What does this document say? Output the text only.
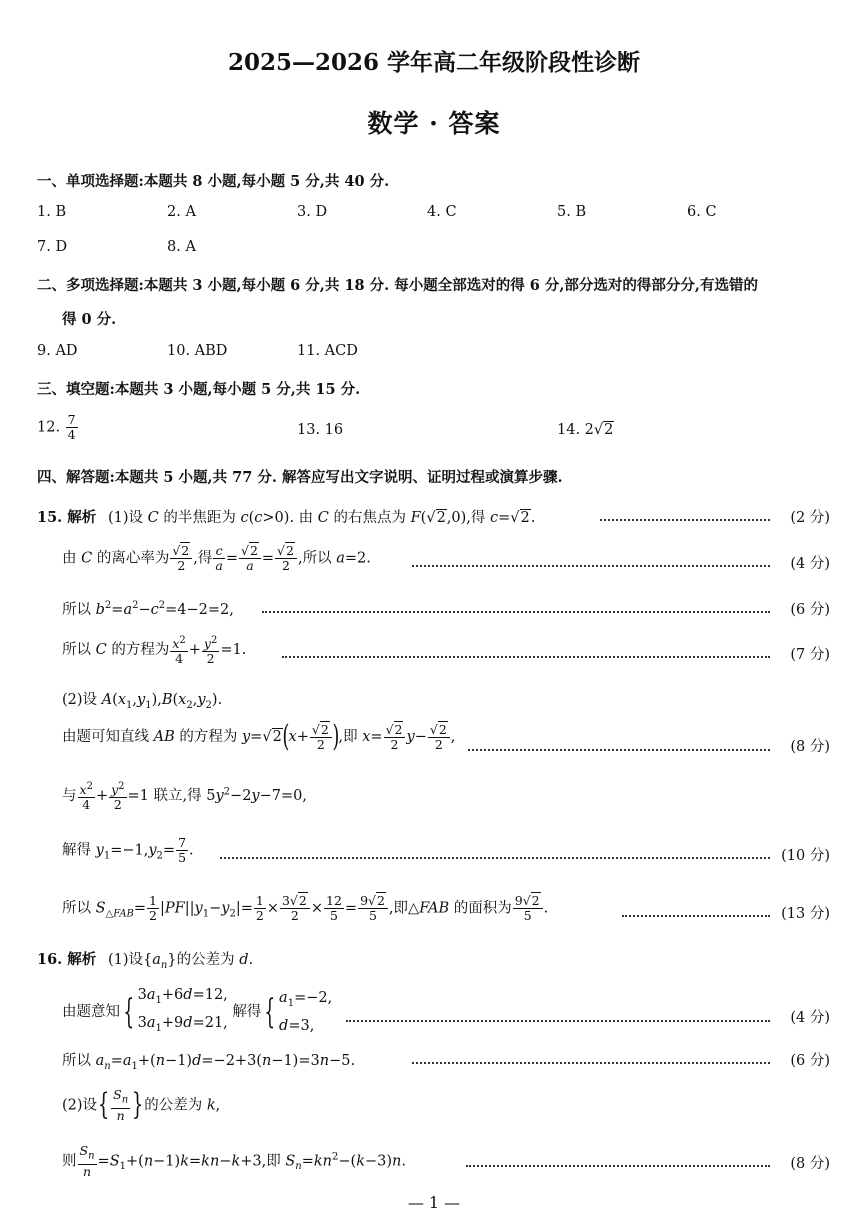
2025—2026 学年高二年级阶段性诊断
数学 · 答案
一、单项选择题:本题共 8 小题,每小题 5 分,共 40 分.
1. B	2. A	3. D	4. C	5. B	6. C
7. D	8. A
二、多项选择题:本题共 3 小题,每小题 6 分,共 18 分. 每小题全部选对的得 6 分,部分选对的得部分分,有选错的
得 0 分.
9. AD	10. ABD	11. ACD
三、填空题:本题共 3 小题,每小题 5 分,共 15 分.
12. $\frac{7}{4}$	13. 16	14. 2√2
四、解答题:本题共 5 小题,共 77 分. 解答应写出文字说明、证明过程或演算步骤.
15. 解析 (1)设 C 的半焦距为 c(c>0). 由 C 的右焦点为 F(√2,0),得 c=√2.	(2 分)
由 C 的离心率为 $\frac{√2}{2}$ ,得 $\frac{c}{a} = \frac{√2}{a} = \frac{√2}{2}$ ,所以 a=2.	(4 分)
所以 $b^2=a^2-c^2=4-2=2$,	(6 分)
所以 C 的方程为 $\frac{x^2}{4} + \frac{y^2}{2} =1$.	(7 分)
(2)设 $A(x_1,y_1),B(x_2,y_2)$.
由题可知直线 AB 的方程为 $y=√2(x+ \frac{√2}{2}$ ),即 $x= \frac{√2}{2} y- \frac{√2}{2}$ ,
(8 分)
与 $\frac{x^2}{4} + \frac{y^2}{2} =1$ 联立,得 $5y^2-2y-7=0$,
解得 $y_1=-1,y_2= \frac{7}{5}$ .	(10 分)
所以 $S_{\triangle FAB}= \frac{1}{2} |PF||y_1-y_2|= \frac{1}{2} \times \frac{3√2}{2} \times \frac{12}{5} = \frac{9√2}{5}$ ,即△FAB 的面积为 $\frac{9√2}{5}$ .	(13 分)
16. 解析 (1)设$\{a_n\}$的公差为 d.
由题意知 { $3a_1+6d=12$,
$3a_1+9d=21$, 解得 { $a_1=-2$,
d=3,	(4 分)
所以 $a_n=a_1+(n-1)d=-2+3(n-1)=3n-5$.	(6 分)
(2)设{ $\frac{S_n}{n}$ }的公差为 k,
则 $\frac{S_n}{n} =S_1+(n-1)k=kn-k+3$,即 $S_n=kn^2-(k-3)n$.	(8 分)
— 1 —
